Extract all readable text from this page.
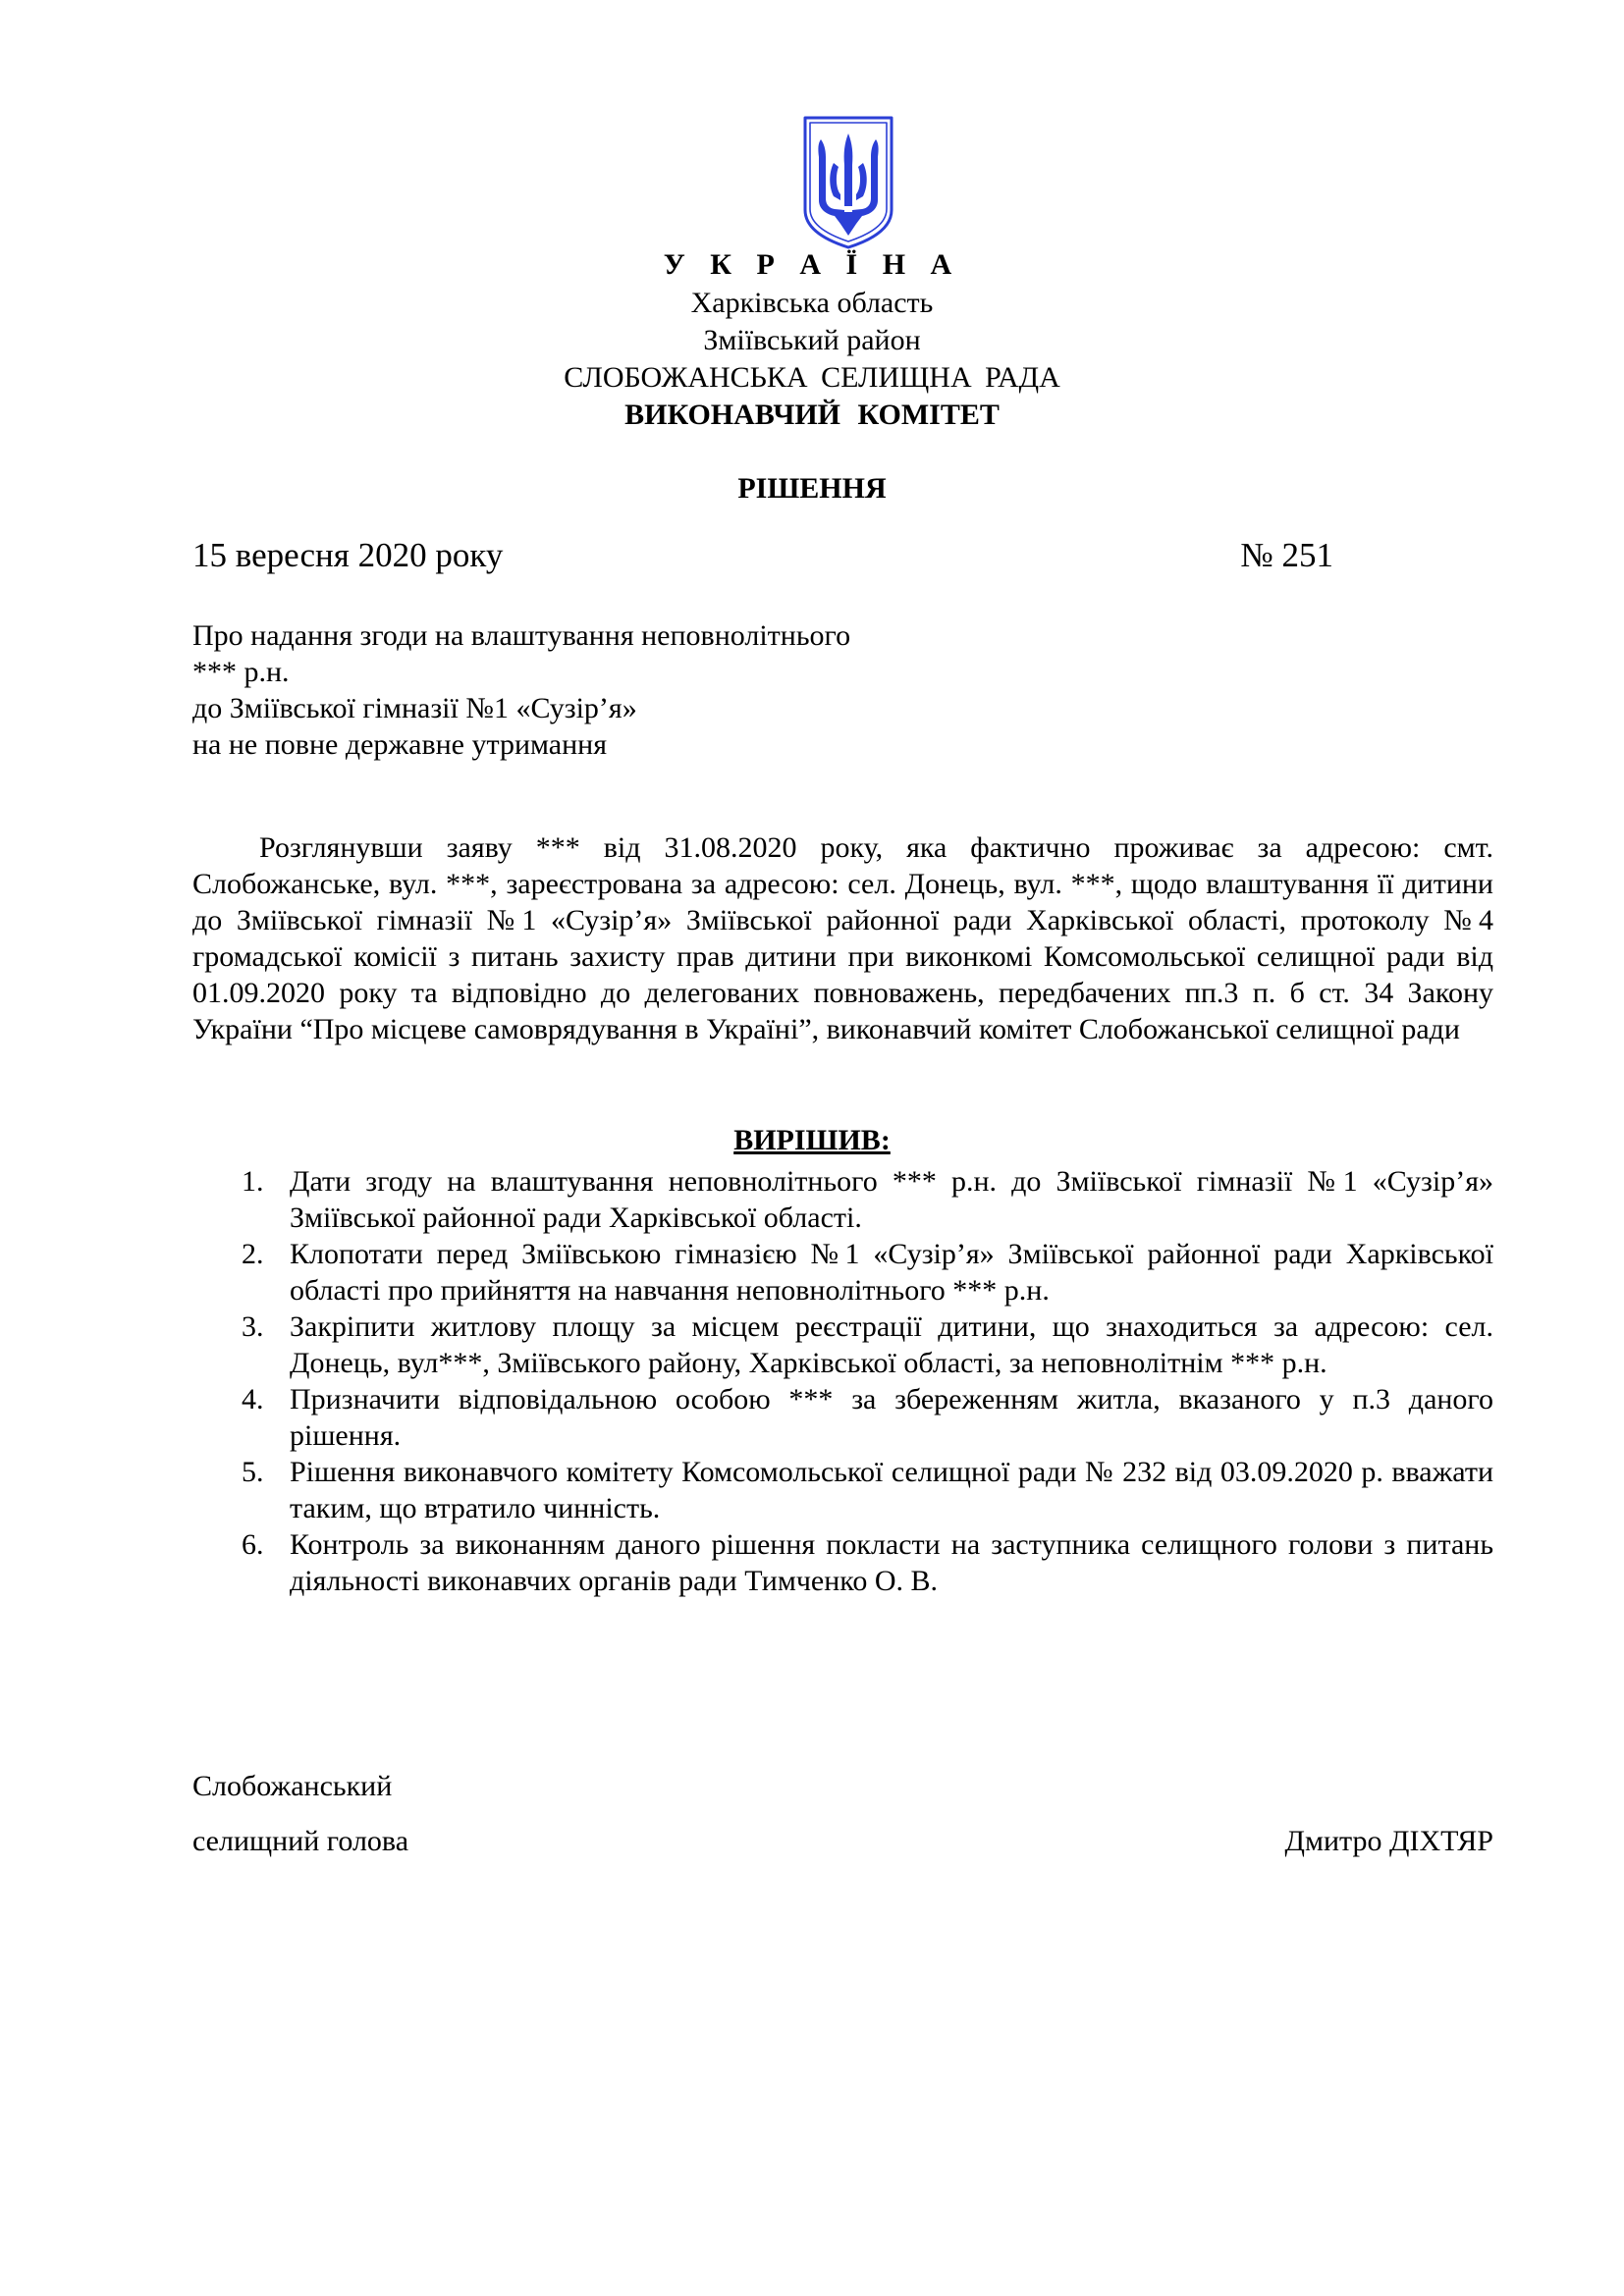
У К Р А Ї Н А
Харківська область
Зміївський район
СЛОБОЖАНСЬКА СЕЛИЩНА РАДА
ВИКОНАВЧИЙ КОМІТЕТ
РІШЕННЯ
15 вересня 2020 року	№ 251
Про надання згоди на влаштування неповнолітнього
*** р.н.
до Зміївської гімназії №1 «Сузір’я»
на не повне державне утримання

Розглянувши заяву *** від 31.08.2020 року, яка фактично проживає за адресою: смт. Слобожанське, вул. ***, зареєстрована за адресою: сел. Донець, вул. ***, щодо влаштування її дитини до Зміївської гімназії №1 «Сузір’я» Зміївської районної ради Харківської області, протоколу №4 громадської комісії з питань захисту прав дитини при виконкомі Комсомольської селищної ради від 01.09.2020 року та відповідно до делегованих повноважень, передбачених пп.3 п. б ст. 34 Закону України “Про місцеве самоврядування в Україні”, виконавчий комітет Слобожанської селищної ради

ВИРІШИВ:
1. Дати згоду на влаштування неповнолітнього *** р.н. до Зміївської гімназії №1 «Сузір’я» Зміївської районної ради Харківської області.
2. Клопотати перед Зміївською гімназією №1 «Сузір’я» Зміївської районної ради Харківської області про прийняття на навчання неповнолітнього *** р.н.
3. Закріпити житлову площу за місцем реєстрації дитини, що знаходиться за адресою: сел. Донець, вул***, Зміївського району, Харківської області, за неповнолітнім *** р.н.
4. Призначити відповідальною особою *** за збереженням житла, вказаного у п.3 даного рішення.
5. Рішення виконавчого комітету Комсомольської селищної ради № 232 від 03.09.2020 р. вважати таким, що втратило чинність.
6. Контроль за виконанням даного рішення покласти на заступника селищного голови з питань діяльності виконавчих органів ради Тимченко О. В.
Слобожанський
селищний голова	Дмитро ДІХТЯР
